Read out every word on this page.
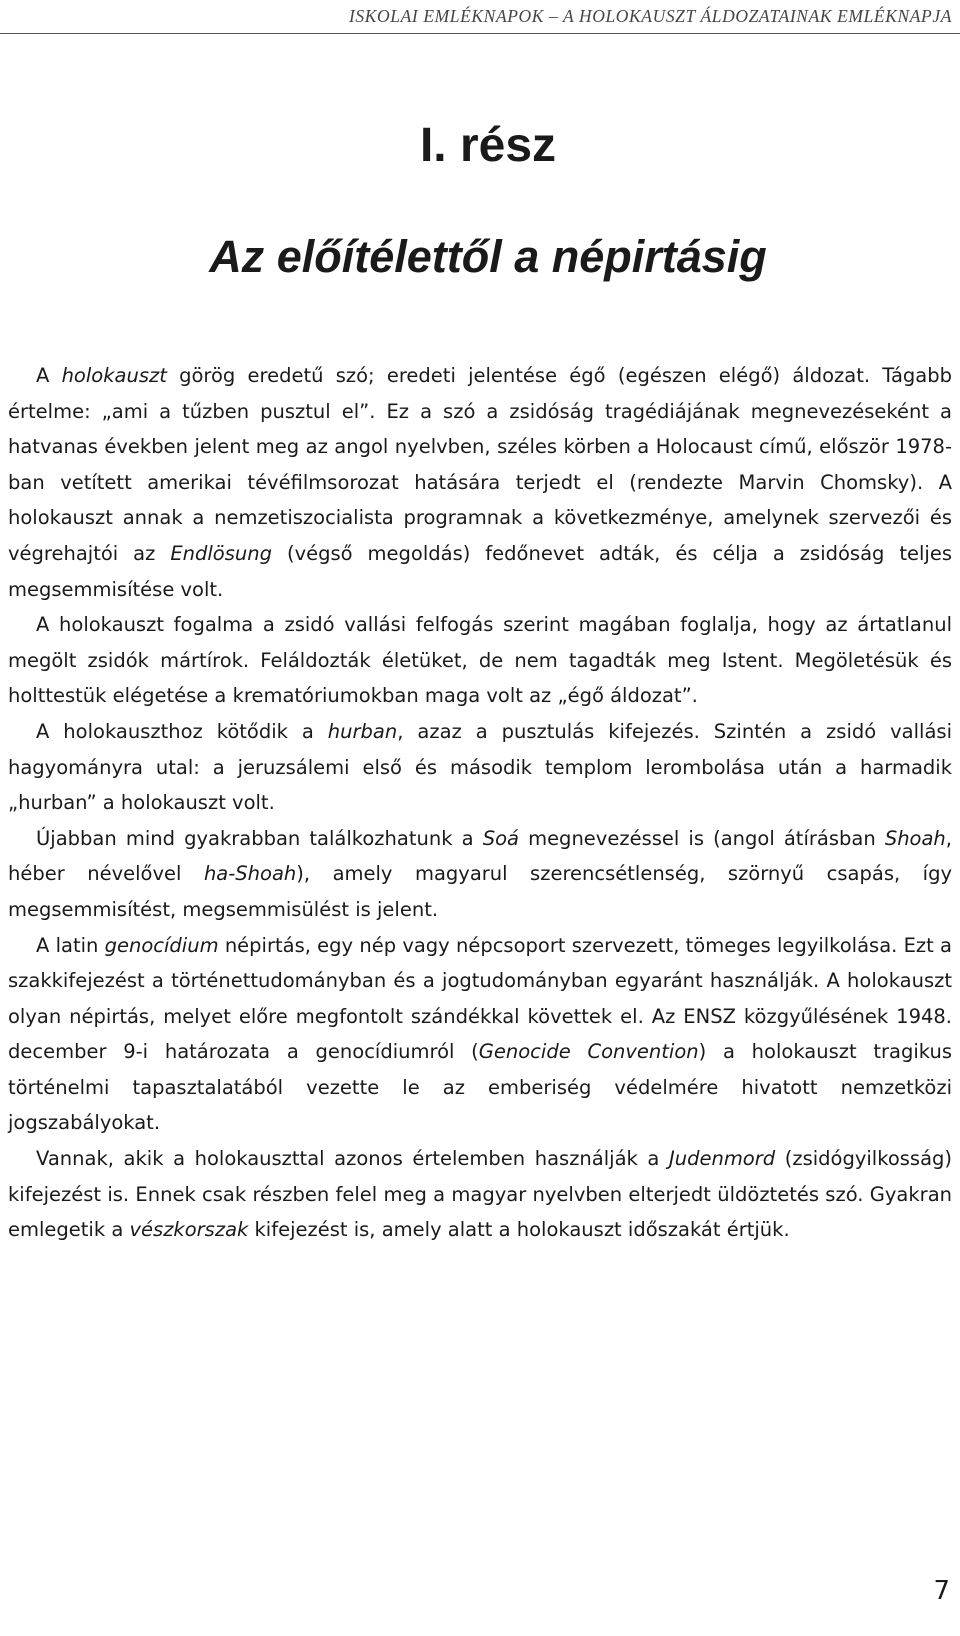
ISKOLAI EMLÉKNAPOK – A HOLOKAUSZT ÁLDOZATAINAK EMLÉKNAPJA
I. rész
Az előítélettől a népirtásig

A holokauszt görög eredetű szó; eredeti jelentése égő (egészen elégő) áldozat. Tágabb értelme: „ami a tűzben pusztul el”. Ez a szó a zsidóság tragédiájának megnevezéseként a hatvanas években jelent meg az angol nyelvben, széles körben a Holocaust című, először 1978-ban vetített amerikai tévéfilmsorozat hatására terjedt el (rendezte Marvin Chomsky). A holokauszt annak a nemzetiszocialista programnak a következménye, amelynek szervezői és végrehajtói az Endlösung (végső megoldás) fedőnevet adták, és célja a zsidóság teljes megsemmisítése volt.

A holokauszt fogalma a zsidó vallási felfogás szerint magában foglalja, hogy az ártatlanul megölt zsidók mártírok. Feláldozták életüket, de nem tagadták meg Istent. Megöletésük és holttestük elégetése a krematóriumokban maga volt az „égő áldozat”.

A holokauszthoz kötődik a hurban, azaz a pusztulás kifejezés. Szintén a zsidó vallási hagyományra utal: a jeruzsálemi első és második templom lerombolása után a harmadik „hurban” a holokauszt volt.

Újabban mind gyakrabban találkozhatunk a Soá megnevezéssel is (angol átírásban Shoah, héber névelővel ha-Shoah), amely magyarul szerencsétlenség, szörnyű csapás, így megsemmisítést, megsemmisülést is jelent.

A latin genocídium népirtás, egy nép vagy népcsoport szervezett, tömeges legyilkolása. Ezt a szakkifejezést a történettudományban és a jogtudományban egyaránt használják. A holokauszt olyan népirtás, melyet előre megfontolt szándékkal követtek el. Az ENSZ közgyűlésének 1948. december 9-i határozata a genocídiumról (Genocide Convention) a holokauszt tragikus történelmi tapasztalatából vezette le az emberiség védelmére hivatott nemzetközi jogszabályokat.

Vannak, akik a holokauszttal azonos értelemben használják a Judenmord (zsidógyilkosság) kifejezést is. Ennek csak részben felel meg a magyar nyelvben elterjedt üldöztetés szó. Gyakran emlegetik a vészkorszak kifejezést is, amely alatt a holokauszt időszakát értjük.

7
